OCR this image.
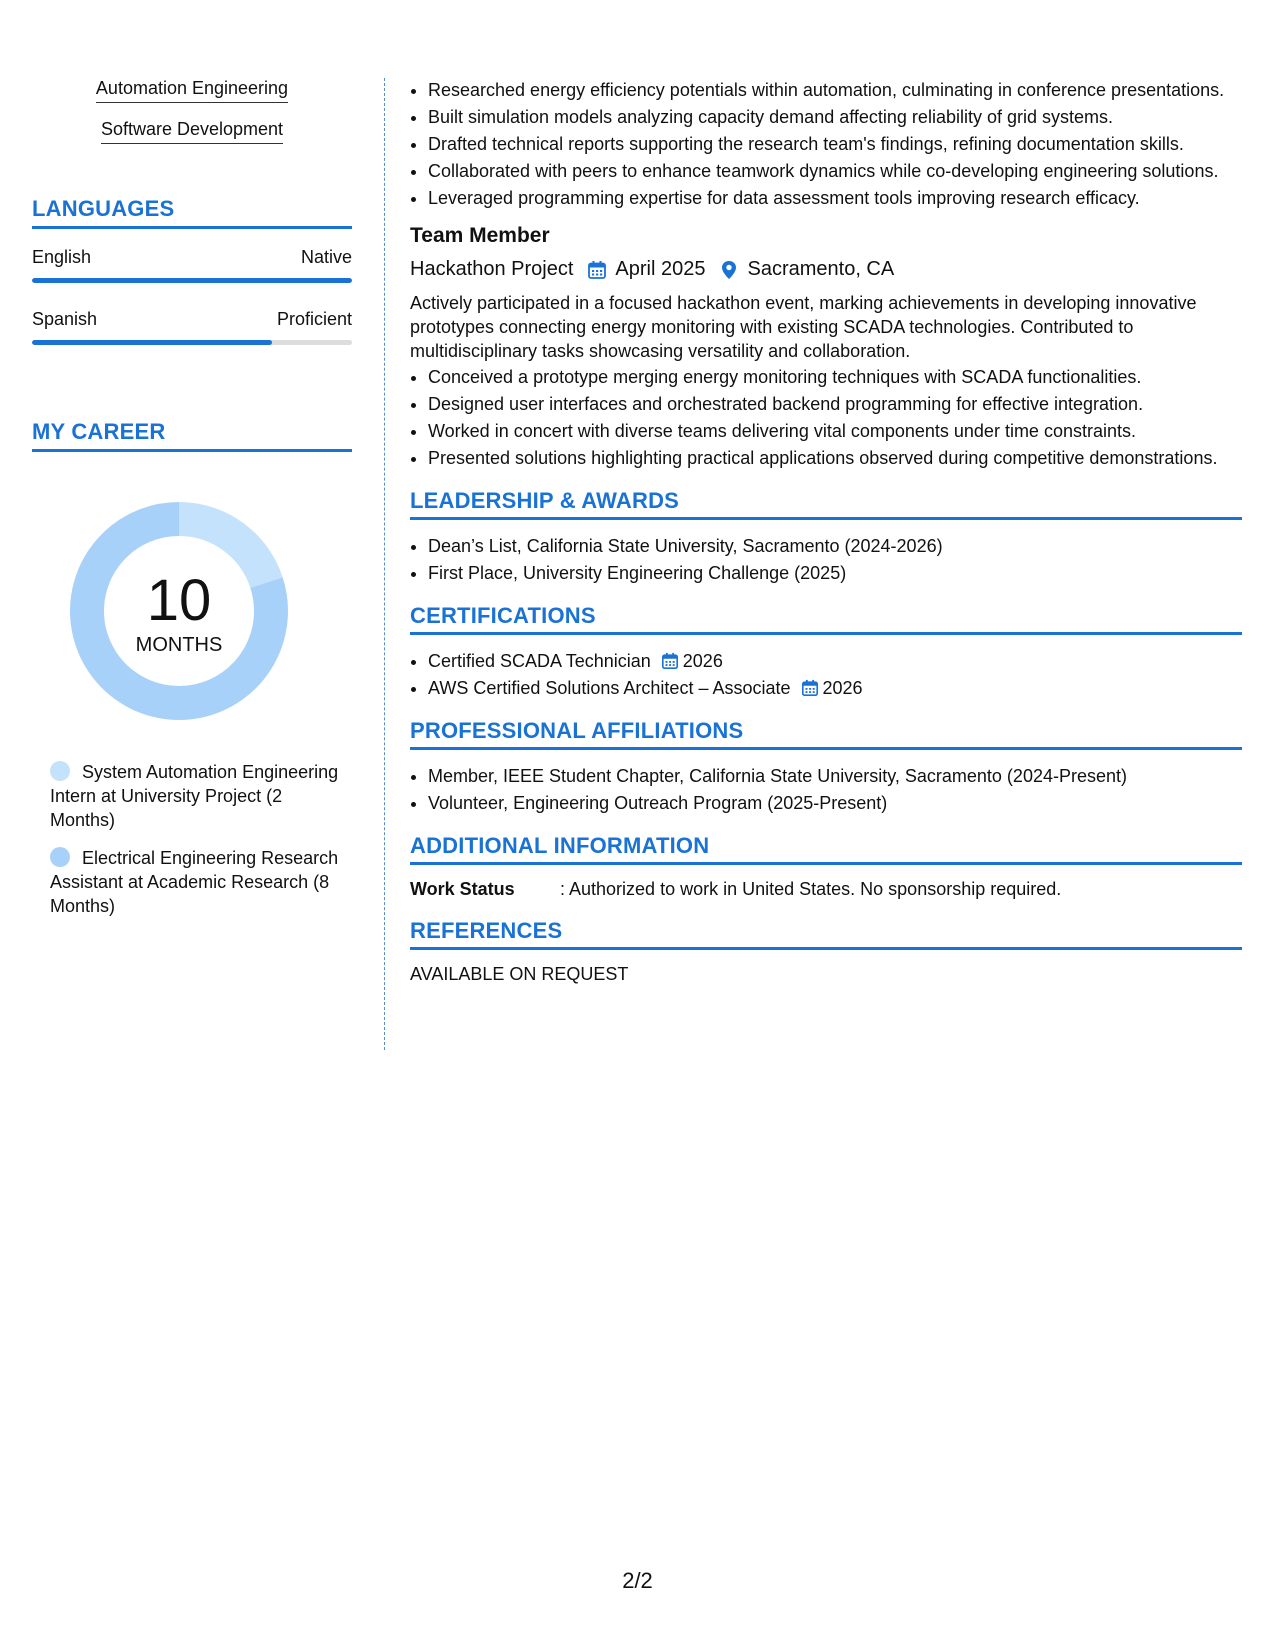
Automation Engineering
Software Development
LANGUAGES
English	Native
Spanish	Proficient
MY CAREER
10
MONTHS
System Automation Engineering Intern at University Project (2 Months)
Electrical Engineering Research Assistant at Academic Research (8 Months)
• Researched energy efficiency potentials within automation, culminating in conference presentations.
• Built simulation models analyzing capacity demand affecting reliability of grid systems.
• Drafted technical reports supporting the research team's findings, refining documentation skills.
• Collaborated with peers to enhance teamwork dynamics while co-developing engineering solutions.
• Leveraged programming expertise for data assessment tools improving research efficacy.
Team Member
Hackathon Project April 2025 Sacramento, CA
Actively participated in a focused hackathon event, marking achievements in developing innovative prototypes connecting energy monitoring with existing SCADA technologies. Contributed to multidisciplinary tasks showcasing versatility and collaboration.
• Conceived a prototype merging energy monitoring techniques with SCADA functionalities.
• Designed user interfaces and orchestrated backend programming for effective integration.
• Worked in concert with diverse teams delivering vital components under time constraints.
• Presented solutions highlighting practical applications observed during competitive demonstrations.
LEADERSHIP & AWARDS
• Dean’s List, California State University, Sacramento (2024-2026)
• First Place, University Engineering Challenge (2025)
CERTIFICATIONS
• Certified SCADA Technician 2026
• AWS Certified Solutions Architect – Associate 2026
PROFESSIONAL AFFILIATIONS
• Member, IEEE Student Chapter, California State University, Sacramento (2024-Present)
• Volunteer, Engineering Outreach Program (2025-Present)
ADDITIONAL INFORMATION
Work Status	: Authorized to work in United States. No sponsorship required.
REFERENCES
AVAILABLE ON REQUEST
2/2
